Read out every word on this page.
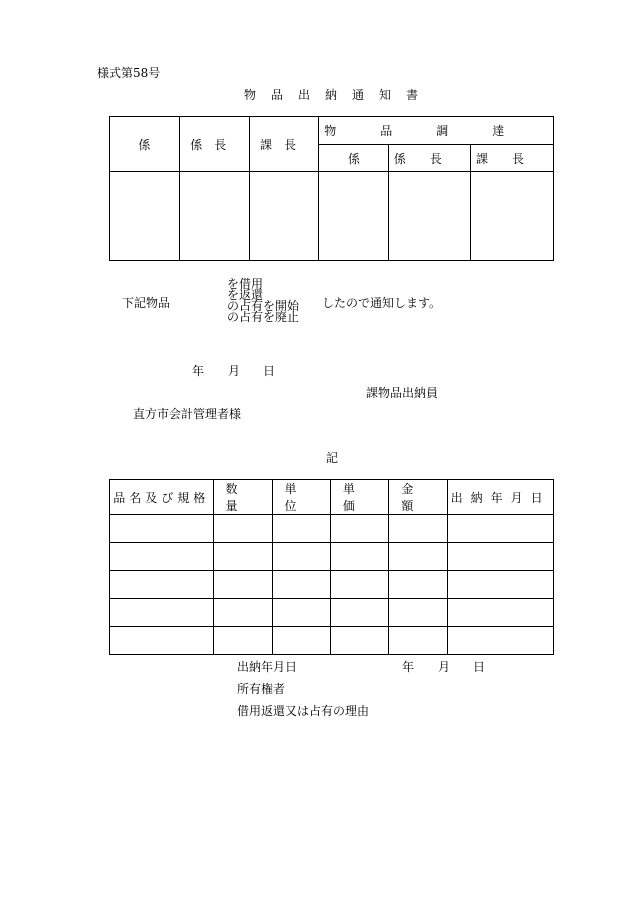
様式第58号
物品出納通知書
係	係長	課長	物品調達		
			係	係長	課長

下記物品
を借用
を返還
の占有を開始
の占有を廃止
したので通知します。
年 月 日
課物品出納員
直方市会計管理者様
記
品名及び規格	数量	単位	単価	金額	出納年月日

出納年月日	年 月 日
所有権者
借用返還又は占有の理由
